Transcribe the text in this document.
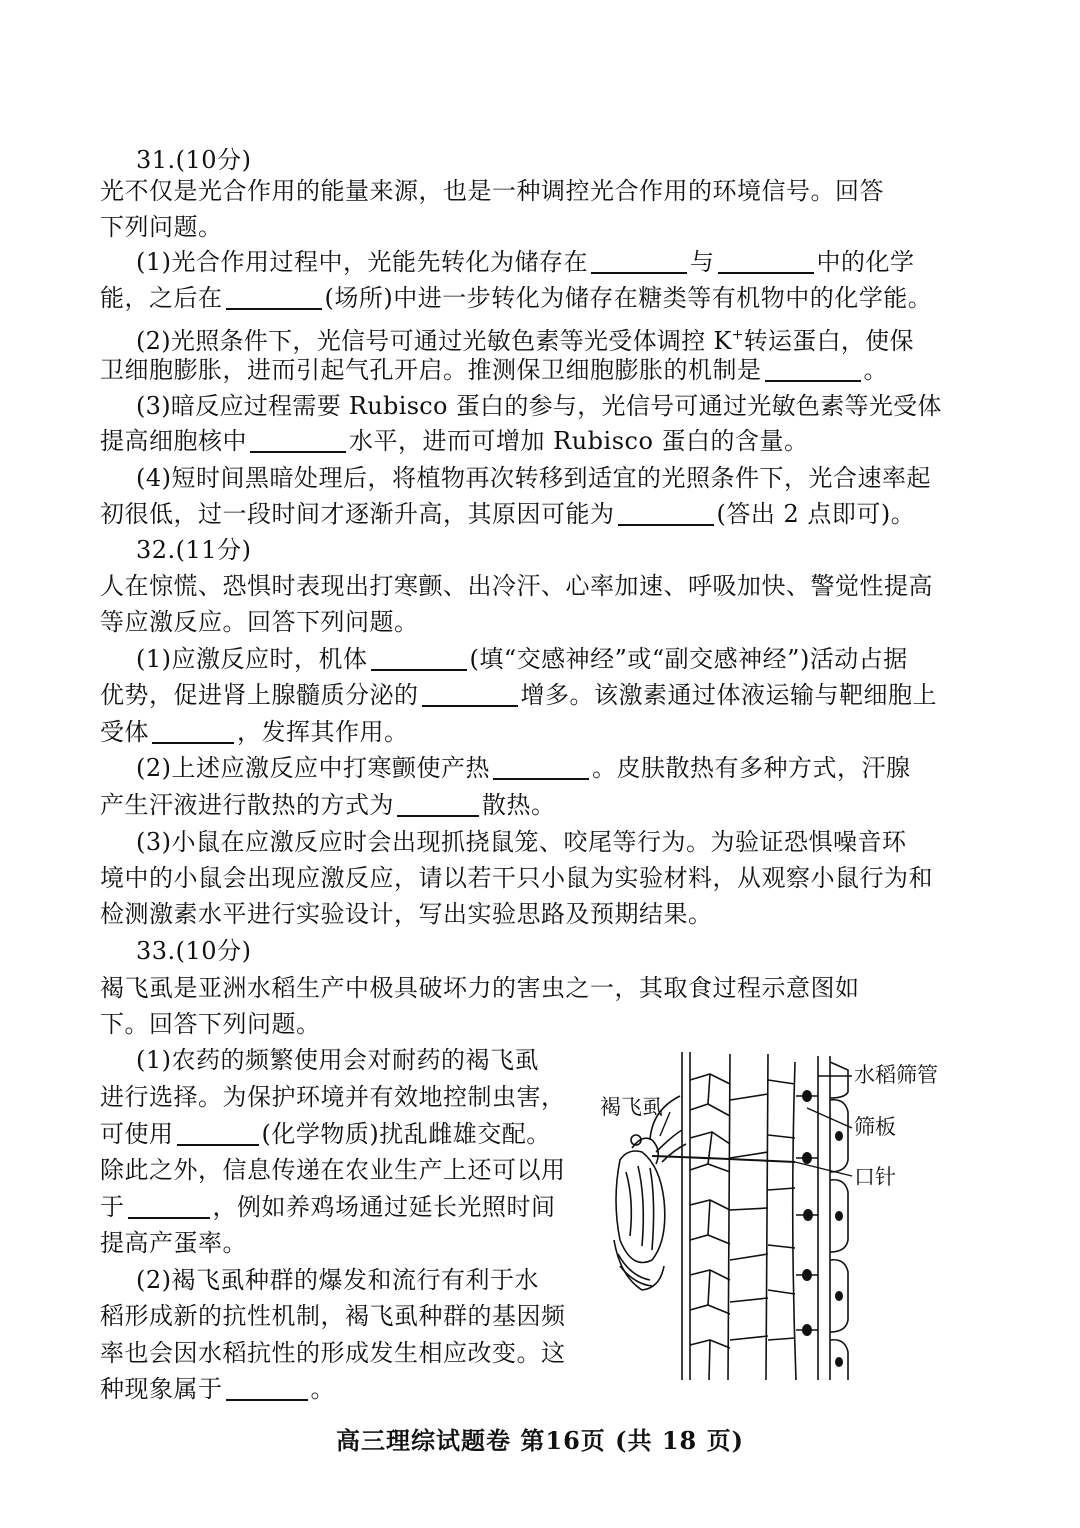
31.(10分)
光不仅是光合作用的能量来源，也是一种调控光合作用的环境信号。回答
下列问题。
(1)光合作用过程中，光能先转化为储存在	与	中的化学
能，之后在	(场所)中进一步转化为储存在糖类等有机物中的化学能。
(2)光照条件下，光信号可通过光敏色素等光受体调控 K+转运蛋白，使保
卫细胞膨胀，进而引起气孔开启。推测保卫细胞膨胀的机制是	。
(3)暗反应过程需要 Rubisco 蛋白的参与，光信号可通过光敏色素等光受体
提高细胞核中	水平，进而可增加 Rubisco 蛋白的含量。
(4)短时间黑暗处理后，将植物再次转移到适宜的光照条件下，光合速率起
初很低，过一段时间才逐渐升高，其原因可能为	(答出 2 点即可)。
32.(11分)
人在惊慌、恐惧时表现出打寒颤、出冷汗、心率加速、呼吸加快、警觉性提高
等应激反应。回答下列问题。
(1)应激反应时，机体	(填“交感神经”或“副交感神经”)活动占据
优势，促进肾上腺髓质分泌的	增多。该激素通过体液运输与靶细胞上
受体	，发挥其作用。
(2)上述应激反应中打寒颤使产热	。皮肤散热有多种方式，汗腺
产生汗液进行散热的方式为	散热。
(3)小鼠在应激反应时会出现抓挠鼠笼、咬尾等行为。为验证恐惧噪音环
境中的小鼠会出现应激反应，请以若干只小鼠为实验材料，从观察小鼠行为和
检测激素水平进行实验设计，写出实验思路及预期结果。
33.(10分)
褐飞虱是亚洲水稻生产中极具破坏力的害虫之一，其取食过程示意图如
下。回答下列问题。
(1)农药的频繁使用会对耐药的褐飞虱
进行选择。为保护环境并有效地控制虫害，
可使用	(化学物质)扰乱雌雄交配。
除此之外，信息传递在农业生产上还可以用
于	，例如养鸡场通过延长光照时间
提高产蛋率。
(2)褐飞虱种群的爆发和流行有利于水
稻形成新的抗性机制，褐飞虱种群的基因频
率也会因水稻抗性的形成发生相应改变。这
种现象属于	。
水稻筛管
筛板
口针
褐飞虱
高三理综试题卷 第16页 (共 18 页)
